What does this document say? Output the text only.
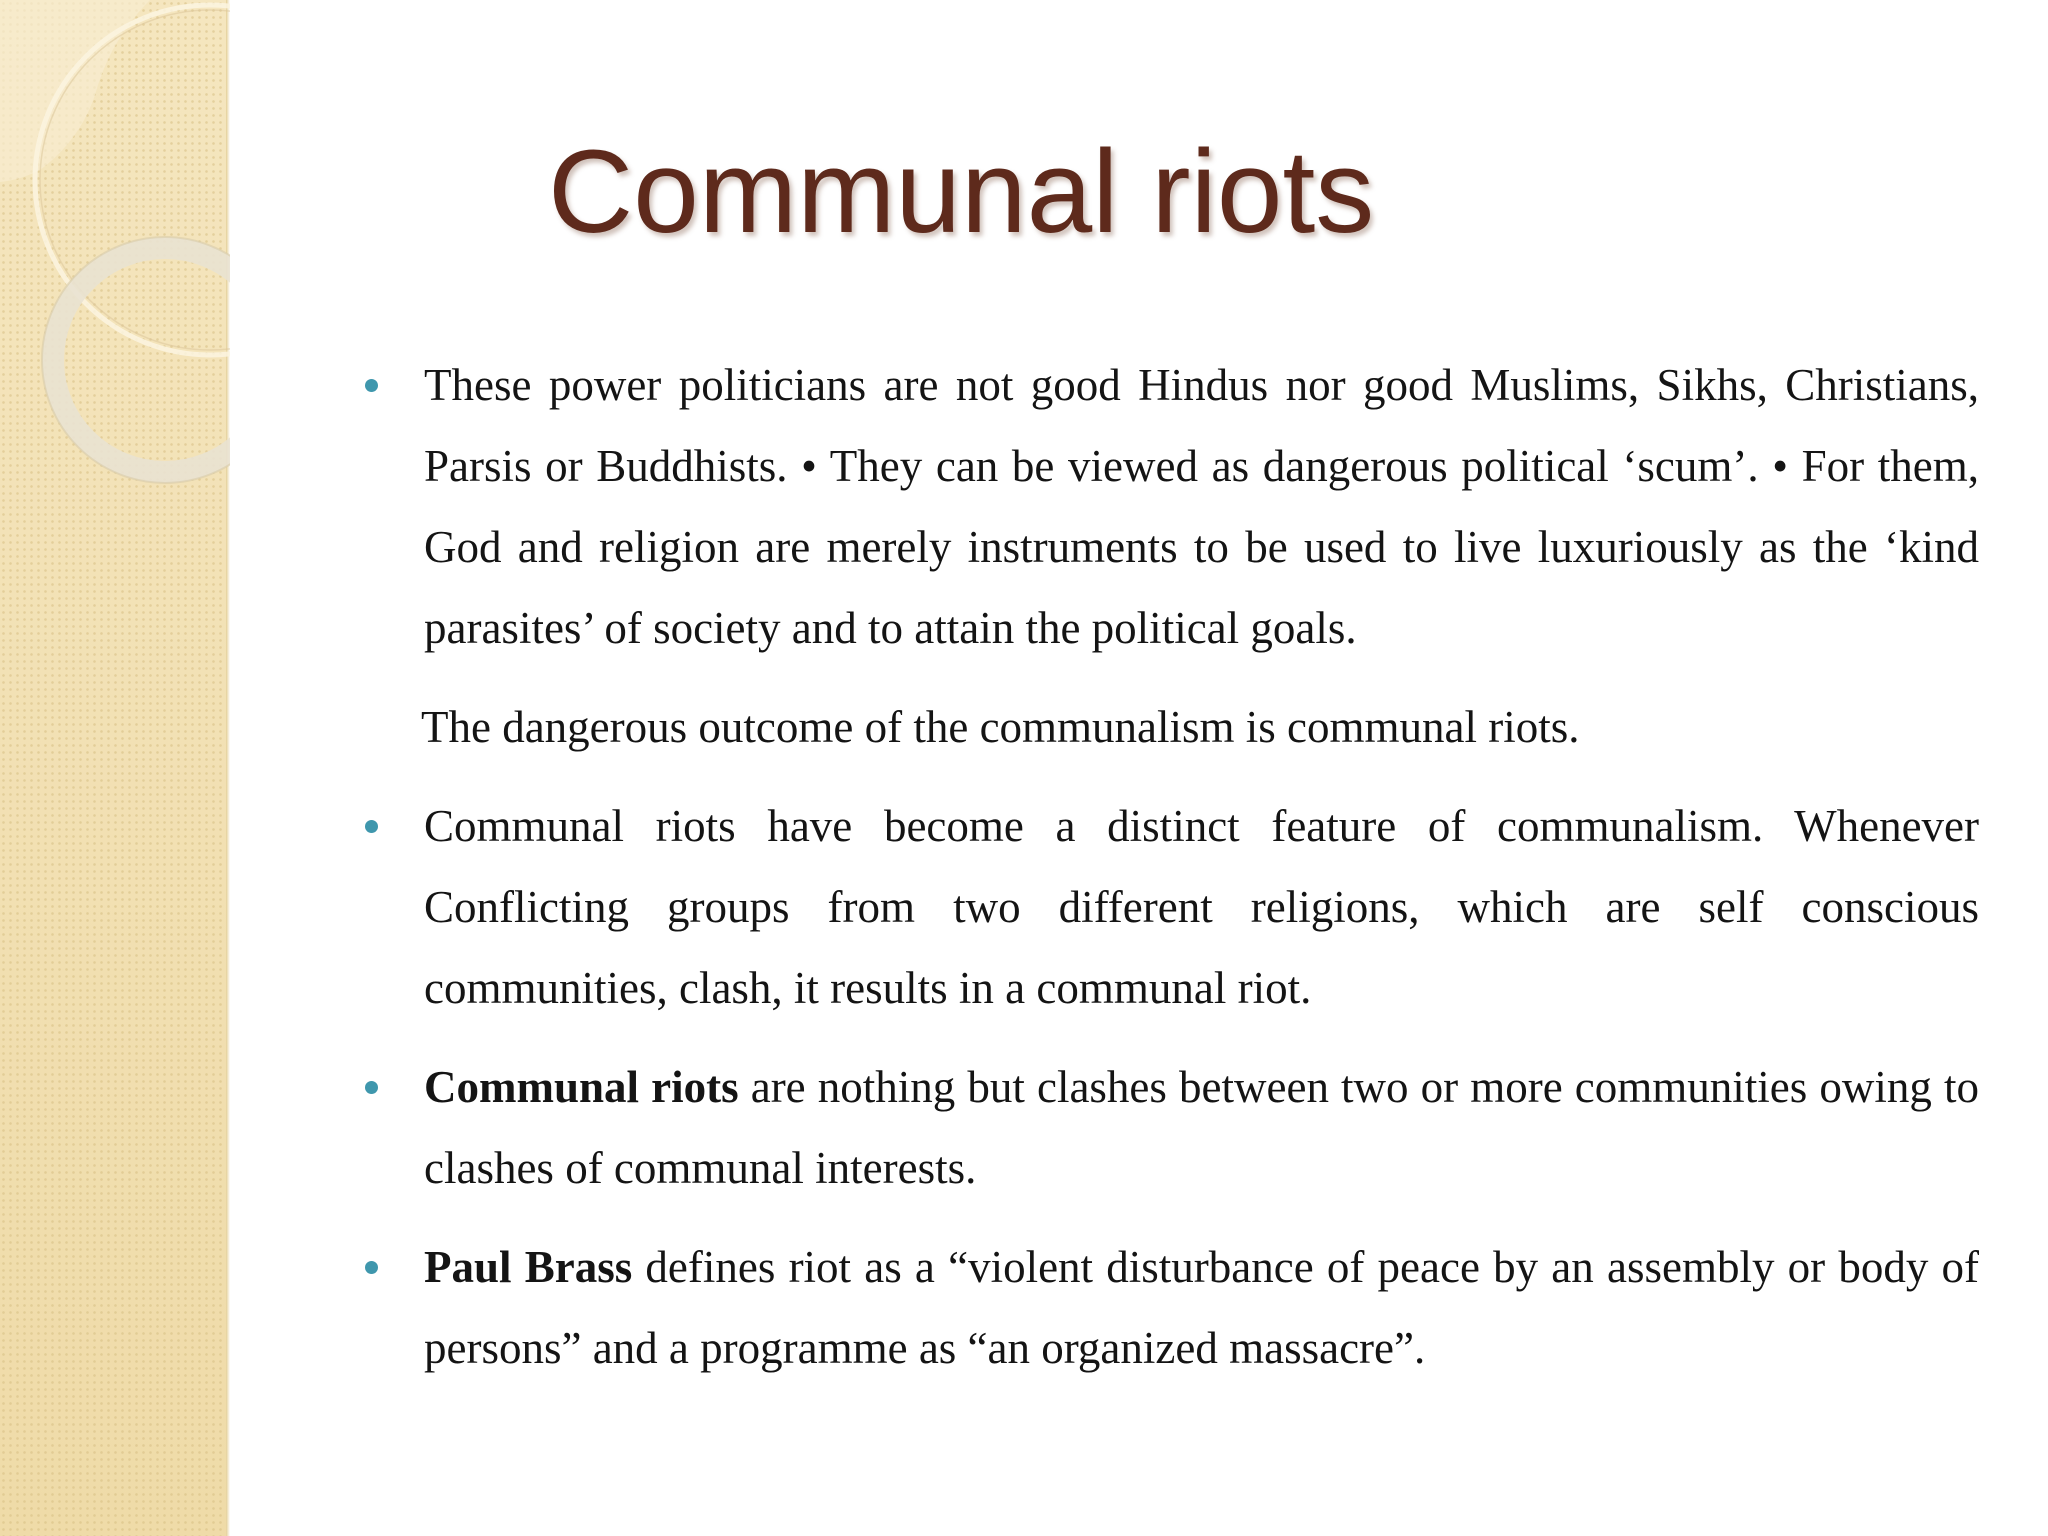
Communal riots
These power politicians are not good Hindus nor good Muslims, Sikhs, Christians, Parsis or Buddhists. • They can be viewed as dangerous political ‘scum’. • For them, God and religion are merely instruments to be used to live luxuriously as the ‘kind parasites’ of society and to attain the political goals.
The dangerous outcome of the communalism is communal riots.
Communal riots have become a distinct feature of communalism. Whenever Conflicting groups from two different religions, which are self conscious communities, clash, it results in a communal riot.
Communal riots are nothing but clashes between two or more communities owing to clashes of communal interests.
Paul Brass defines riot as a “violent disturbance of peace by an assembly or body of persons” and a programme as “an organized massacre”.
